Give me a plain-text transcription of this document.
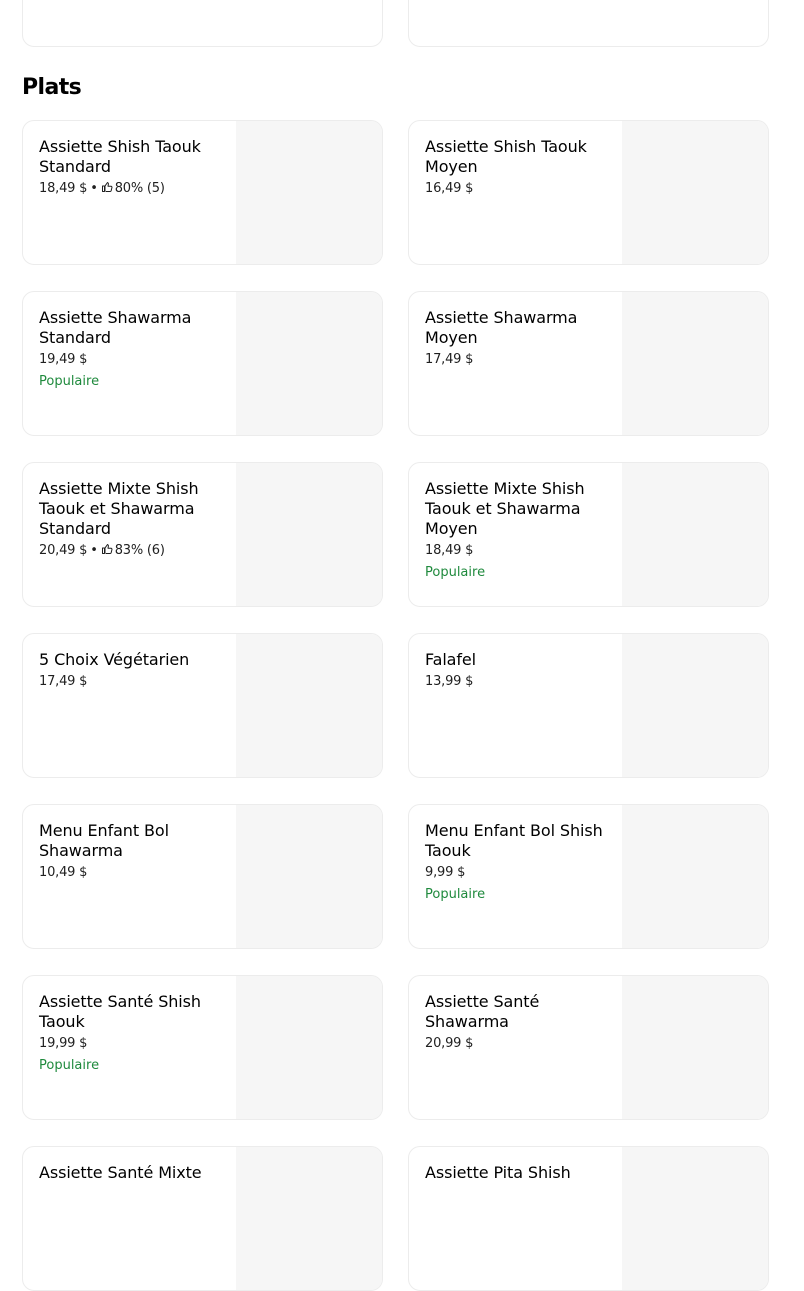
Plats
Assiette Shish Taouk Standard
18,49 $ • 80% (5)
Assiette Shish Taouk Moyen
16,49 $
Assiette Shawarma Standard
19,49 $
Populaire
Assiette Shawarma Moyen
17,49 $
Assiette Mixte Shish Taouk et Shawarma Standard
20,49 $ • 83% (6)
Assiette Mixte Shish Taouk et Shawarma Moyen
18,49 $
Populaire
5 Choix Végétarien
17,49 $
Falafel
13,99 $
Menu Enfant Bol Shawarma
10,49 $
Menu Enfant Bol Shish Taouk
9,99 $
Populaire
Assiette Santé Shish Taouk
19,99 $
Populaire
Assiette Santé Shawarma
20,99 $
Assiette Santé Mixte	Assiette Pita Shish
